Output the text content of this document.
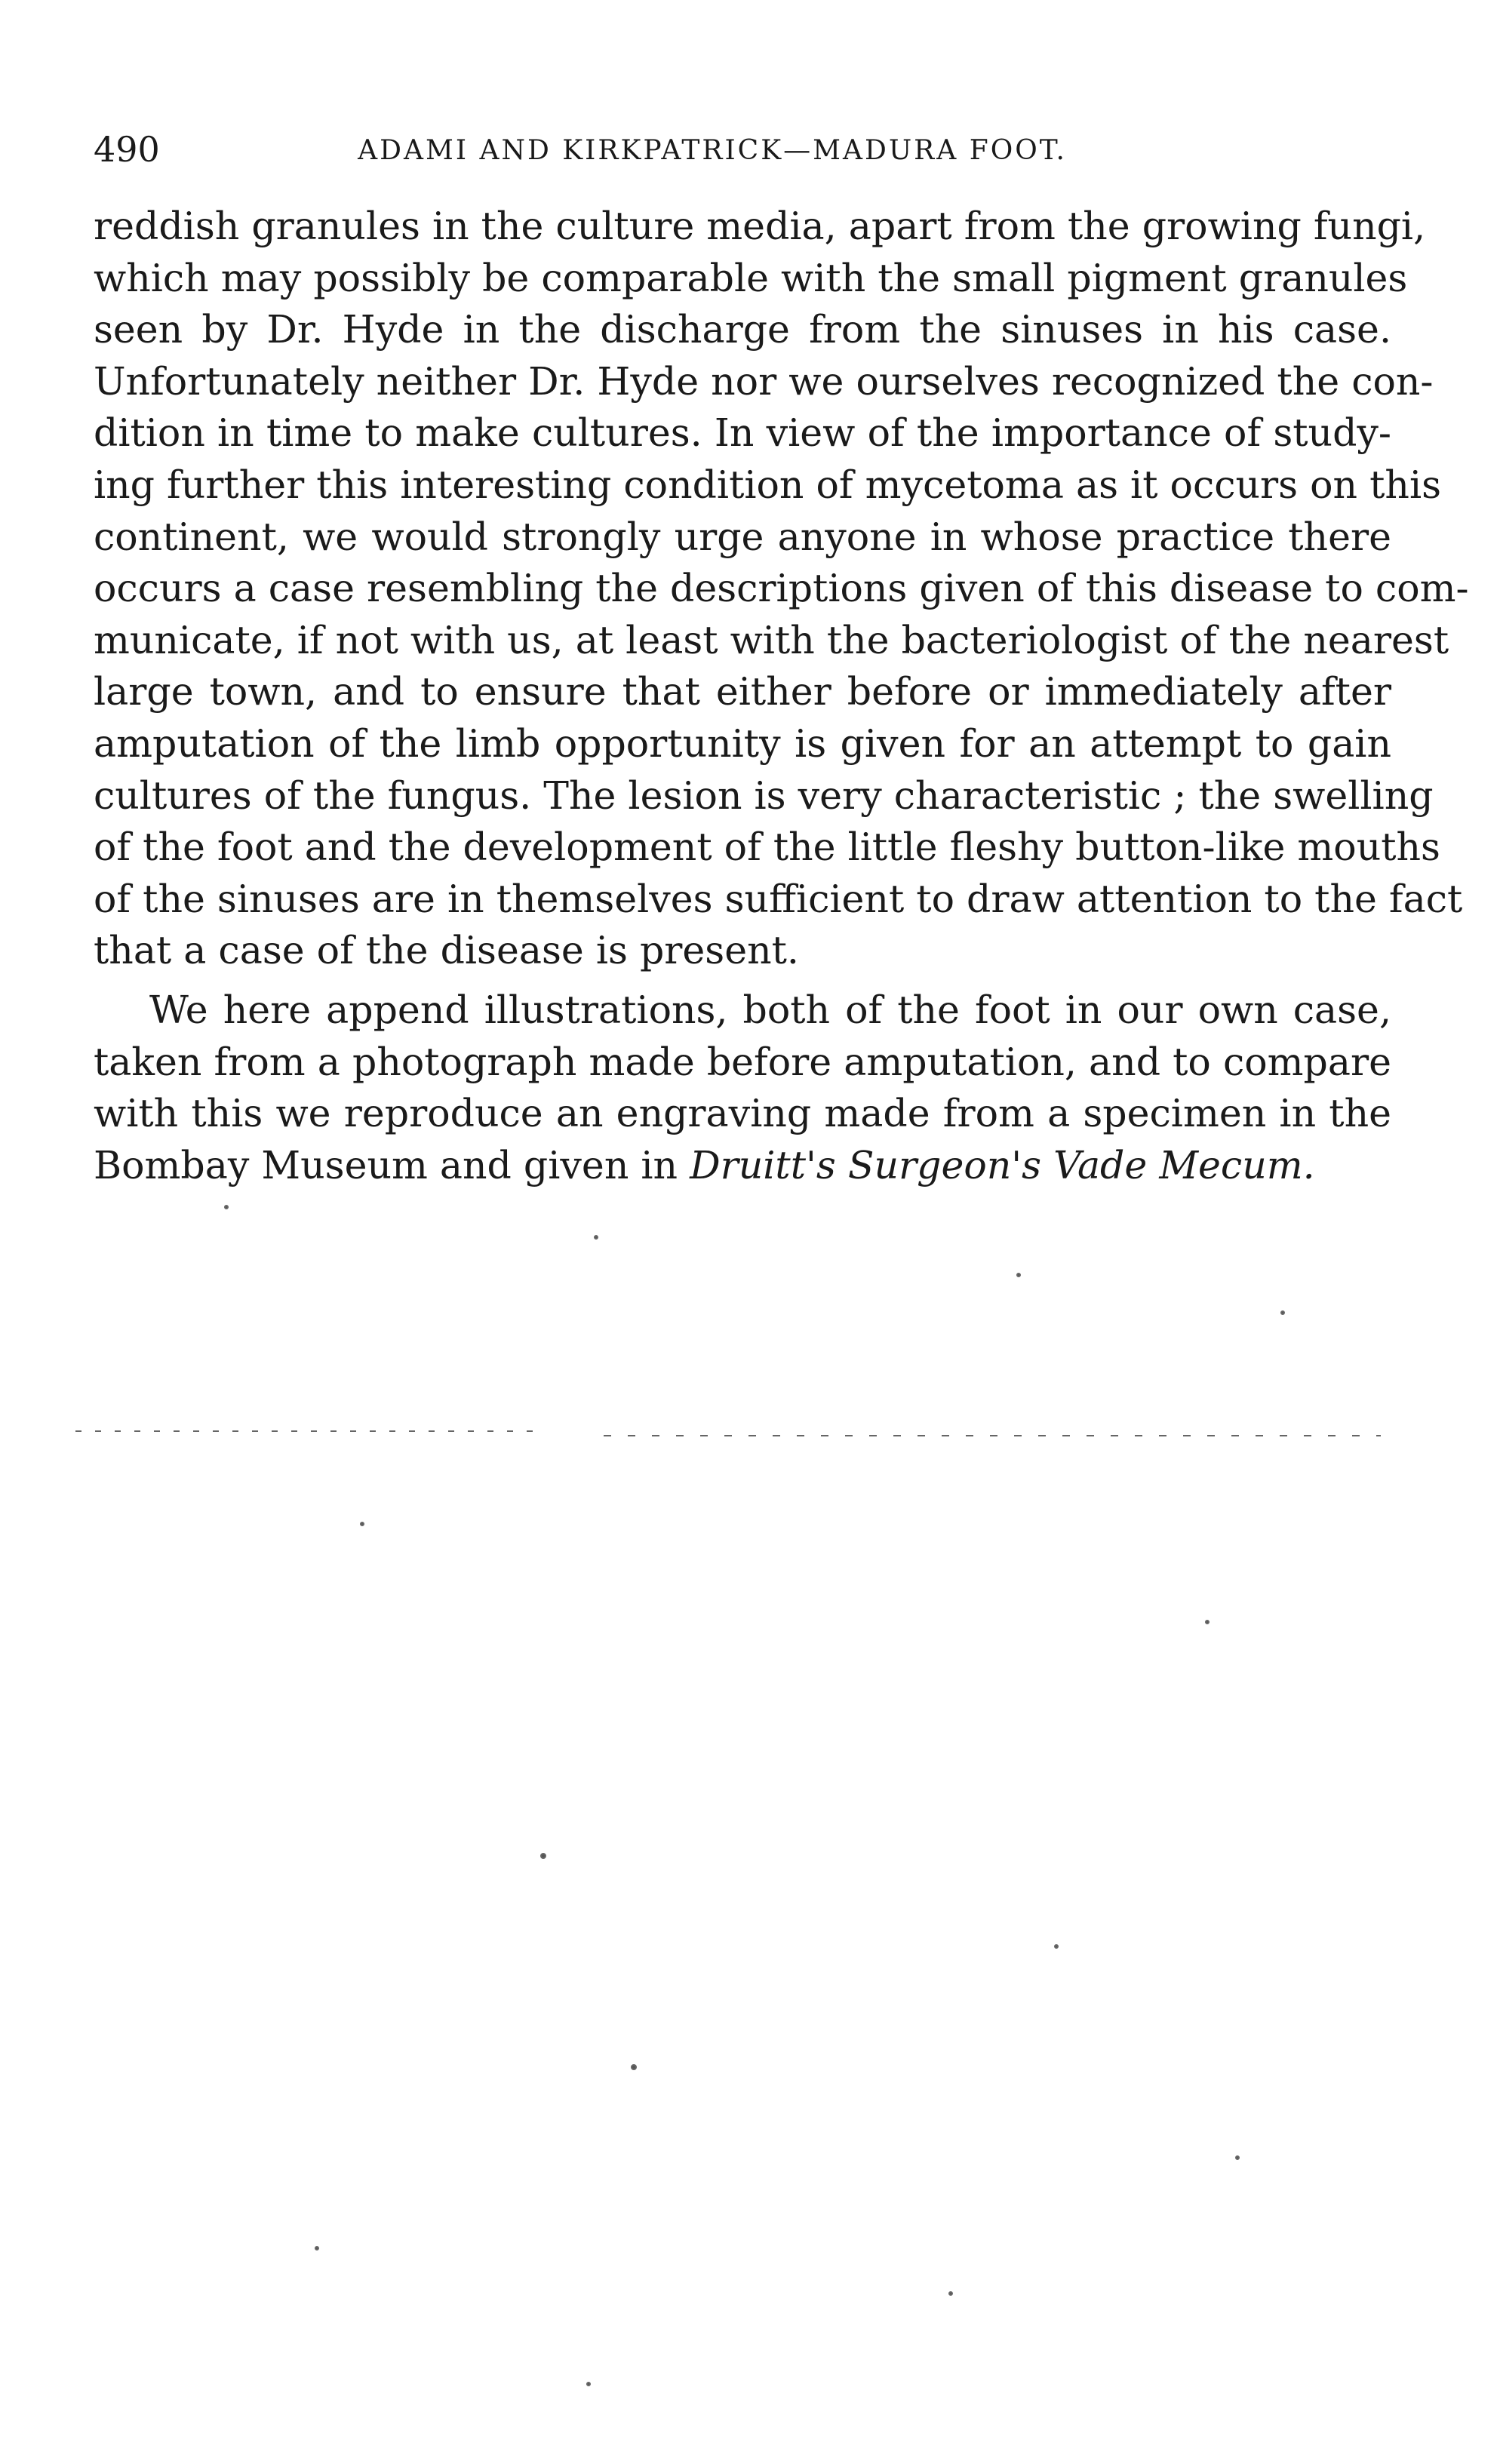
490	ADAMI AND KIRKPATRICK—MADURA FOOT.
reddish granules in the culture media, apart from the growing fungi,
which may possibly be comparable with the small pigment granules
seen by Dr. Hyde in the discharge from the sinuses in his case.
Unfortunately neither Dr. Hyde nor we ourselves recognized the con-
dition in time to make cultures. In view of the importance of study-
ing further this interesting condition of mycetoma as it occurs on this
continent, we would strongly urge anyone in whose practice there
occurs a case resembling the descriptions given of this disease to com-
municate, if not with us, at least with the bacteriologist of the nearest
large town, and to ensure that either before or immediately after
amputation of the limb opportunity is given for an attempt to gain
cultures of the fungus. The lesion is very characteristic ; the swelling
of the foot and the development of the little fleshy button-like mouths
of the sinuses are in themselves sufficient to draw attention to the fact
that a case of the disease is present.
We here append illustrations, both of the foot in our own case,
taken from a photograph made before amputation, and to compare
with this we reproduce an engraving made from a specimen in the
Bombay Museum and given in Druitt's Surgeon's Vade Mecum.
